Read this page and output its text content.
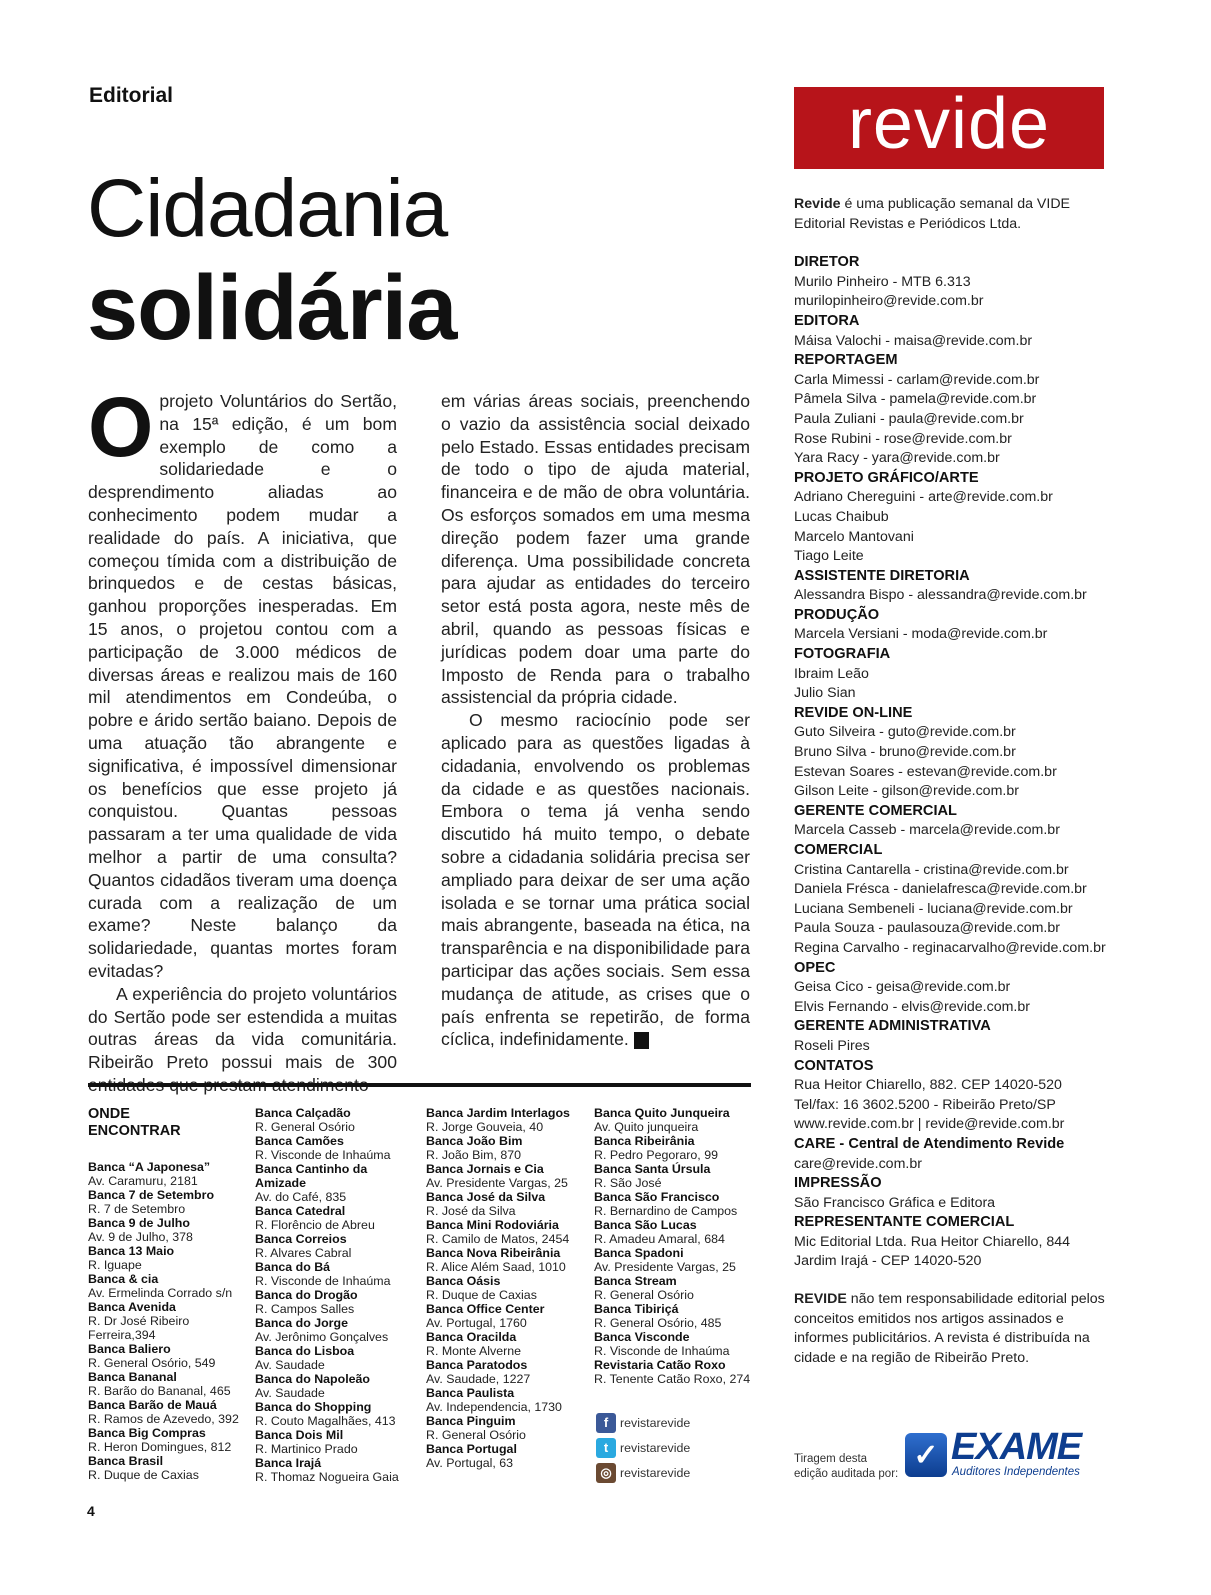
Editorial
Cidadania
solidária

Oprojeto Voluntários do Sertão, na 15ª edição, é um bom exemplo de como a solidariedade e o desprendimento aliadas ao conhecimento podem mudar a realidade do país. A iniciativa, que começou tímida com a distribuição de brinquedos e de cestas básicas, ganhou proporções inesperadas. Em 15 anos, o projetou contou com a participação de 3.000 médicos de diversas áreas e realizou mais de 160 mil atendimentos em Condeúba, o pobre e árido sertão baiano. Depois de uma atuação tão abrangente e significativa, é impossível dimensionar os benefícios que esse projeto já conquistou. Quantas pessoas passaram a ter uma qualidade de vida melhor a partir de uma consulta? Quantos cidadãos tiveram uma doença curada com a realização de um exame? Neste balanço da solidariedade, quantas mortes foram evitadas?

A experiência do projeto voluntários do Sertão pode ser estendida a muitas outras áreas da vida comunitária. Ribeirão Preto possui mais de 300

em várias áreas sociais, preenchendo o vazio da assistência social deixado pelo Estado. Essas entidades precisam de todo o tipo de ajuda material, financeira e de mão de obra voluntária. Os esforços somados em uma mesma direção podem fazer uma grande diferença. Uma possibilidade concreta para ajudar as entidades do terceiro setor está posta agora, neste mês de abril, quando as pessoas físicas e jurídicas podem doar uma parte do Imposto de Renda para o trabalho assistencial da própria cidade.

O mesmo raciocínio pode ser aplicado para as questões ligadas à cidadania, envolvendo os problemas da cidade e as questões nacionais. Embora o tema já venha sendo discutido há muito tempo, o debate sobre a cidadania solidária precisa ser ampliado para deixar de ser uma ação isolada e se tornar uma prática social mais abrangente, baseada na ética, na transparência e na disponibilidade para participar das ações sociais. Sem essa mudança de atitude, as crises que o país enfrenta se repetirão, de forma cíclica, indefinidamente.	r

revide
Revide é uma publicação semanal da VIDE Editorial Revistas e Periódicos Ltda.
DIRETOR
Murilo Pinheiro - MTB 6.313
murilopinheiro@revide.com.br
EDITORA
Máisa Valochi - maisa@revide.com.br
REPORTAGEM
Carla Mimessi - carlam@revide.com.br
Pâmela Silva - pamela@revide.com.br
Paula Zuliani - paula@revide.com.br
Rose Rubini - rose@revide.com.br
Yara Racy - yara@revide.com.br
PROJETO GRÁFICO/ARTE
Adriano Chereguini - arte@revide.com.br
Lucas Chaibub
Marcelo Mantovani
Tiago Leite
ASSISTENTE DIRETORIA
Alessandra Bispo - alessandra@revide.com.br
PRODUÇÃO
Marcela Versiani - moda@revide.com.br
FOTOGRAFIA
Ibraim Leão
Julio Sian
REVIDE ON-LINE
Guto Silveira - guto@revide.com.br
Bruno Silva - bruno@revide.com.br
Estevan Soares - estevan@revide.com.br
Gilson Leite - gilson@revide.com.br
GERENTE COMERCIAL
Marcela Casseb - marcela@revide.com.br
COMERCIAL
Cristina Cantarella - cristina@revide.com.br
Daniela Frésca - danielafresca@revide.com.br
Luciana Sembeneli - luciana@revide.com.br
Paula Souza - paulasouza@revide.com.br
Regina Carvalho - reginacarvalho@revide.com.br
OPEC
Geisa Cico - geisa@revide.com.br
Elvis Fernando - elvis@revide.com.br
GERENTE ADMINISTRATIVA
Roseli Pires
CONTATOS
Rua Heitor Chiarello, 882. CEP 14020-520
Tel/fax: 16 3602.5200 - Ribeirão Preto/SP
www.revide.com.br | revide@revide.com.br
CARE - Central de Atendimento Revide
care@revide.com.br
IMPRESSÃO
São Francisco Gráfica e Editora
REPRESENTANTE COMERCIAL
Mic Editorial Ltda. Rua Heitor Chiarello, 844
Jardim Irajá - CEP 14020-520
REVIDE não tem responsabilidade editorial pelos conceitos emitidos nos artigos assinados e informes publicitários. A revista é distribuída na cidade e na região de Ribeirão Preto.
ONDE ENCONTRAR
Banca “A Japonesa”
Av. Caramuru, 2181
Banca 7 de Setembro
R. 7 de Setembro
Banca 9 de Julho
Av. 9 de Julho, 378
Banca 13 Maio
R. Iguape
Banca & cia
Av. Ermelinda Corrado s/n
Banca Avenida
R. Dr José Ribeiro Ferreira,394
Banca Baliero
R. General Osório, 549
Banca Bananal
R. Barão do Bananal, 465
Banca Barão de Mauá
R. Ramos de Azevedo, 392
Banca Big Compras
R. Heron Domingues, 812
Banca Brasil
R. Duque de Caxias
Banca Calçadão
R. General Osório
Banca Camões
R. Visconde de Inhaúma
Banca Cantinho da Amizade
Av. do Café, 835
Banca Catedral
R. Florêncio de Abreu
Banca Correios
R. Alvares Cabral
Banca do Bá
R. Visconde de Inhaúma
Banca do Drogão
R. Campos Salles
Banca do Jorge
Av. Jerônimo Gonçalves
Banca do Lisboa
Av. Saudade
Banca do Napoleão
Av. Saudade
Banca do Shopping
R. Couto Magalhães, 413
Banca Dois Mil
R. Martinico Prado
Banca Irajá
R. Thomaz Nogueira Gaia
Banca Jardim Interlagos
R. Jorge Gouveia, 40
Banca João Bim
R. João Bim, 870
Banca Jornais e Cia
Av. Presidente Vargas, 25
Banca José da Silva
R. José da Silva
Banca Mini Rodoviária
R. Camilo de Matos, 2454
Banca Nova Ribeirânia
R. Alice Além Saad, 1010
Banca Oásis
R. Duque de Caxias
Banca Office Center
Av. Portugal, 1760
Banca Oracilda
R. Monte Alverne
Banca Paratodos
Av. Saudade, 1227
Banca Paulista
Av. Independencia, 1730
Banca Pinguim
R. General Osório
Banca Portugal
Av. Portugal, 63
Banca Quito Junqueira
Av. Quito junqueira
Banca Ribeirânia
R. Pedro Pegoraro, 99
Banca Santa Úrsula
R. São José
Banca São Francisco
R. Bernardino de Campos
Banca São Lucas
R. Amadeu Amaral, 684
Banca Spadoni
Av. Presidente Vargas, 25
Banca Stream
R. General Osório
Banca Tibiriçá
R. General Osório, 485
Banca Visconde
R. Visconde de Inhaúma
Revistaria Catão Roxo
R. Tenente Catão Roxo, 274
f revistarevide
t revistarevide
◎ revistarevide
Tiragem desta edição auditada por:
✓ EXAME
Auditores Independentes
4
